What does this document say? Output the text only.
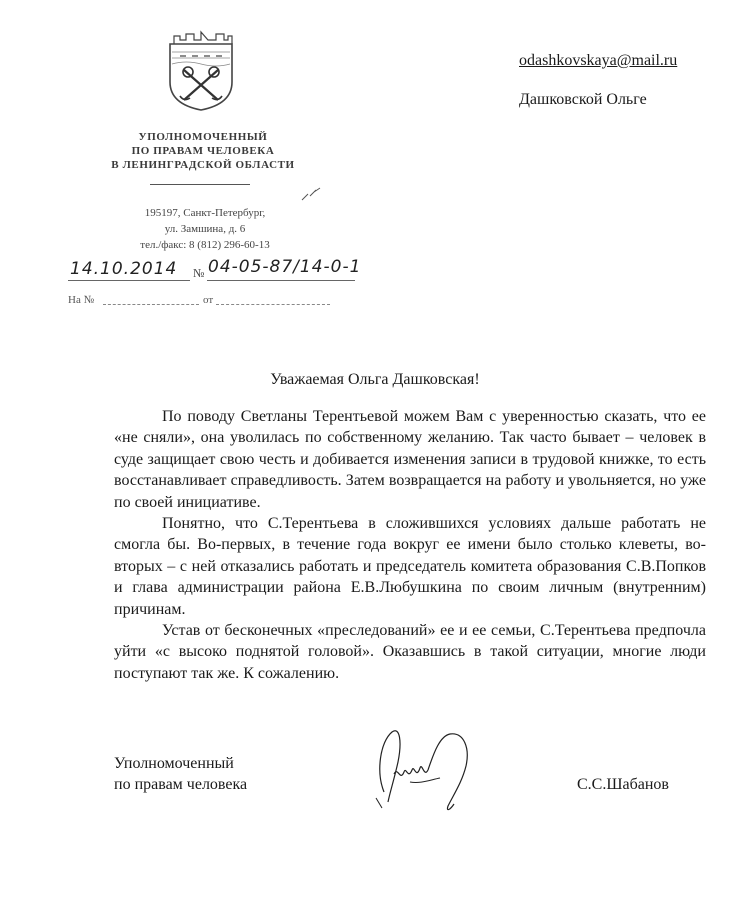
УПОЛНОМОЧЕННЫЙ
ПО ПРАВАМ ЧЕЛОВЕКА
В ЛЕНИНГРАДСКОЙ ОБЛАСТИ
195197, Санкт-Петербург,
ул. Замшина, д. 6
тел./факс: 8 (812) 296-60-13
14.10.2014 № 04-05-87/14-0-1
На №	от
odashkovskaya@mail.ru
Дашковской Ольге
Уважаемая Ольга Дашковская!

По поводу Светланы Терентьевой можем Вам с уверенностью сказать, что ее «не сняли», она уволилась по собственному желанию. Так часто бывает – человек в суде защищает свою честь и добивается изменения записи в трудовой книжке, то есть восстанавливает справедливость. Затем возвращается на работу и увольняется, но уже по своей инициативе.

Понятно, что С.Терентьева в сложившихся условиях дальше работать не смогла бы. Во-первых, в течение года вокруг ее имени было столько клеветы, во-вторых – с ней отказались работать и председатель комитета образования С.В.Попков и глава администрации района Е.В.Любушкина по своим личным (внутренним) причинам.

Устав от бесконечных «преследований» ее и ее семьи, С.Терентьева предпочла уйти «с высоко поднятой головой». Оказавшись в такой ситуации, многие люди поступают так же. К сожалению.

Уполномоченный
по правам человека	С.С.Шабанов
